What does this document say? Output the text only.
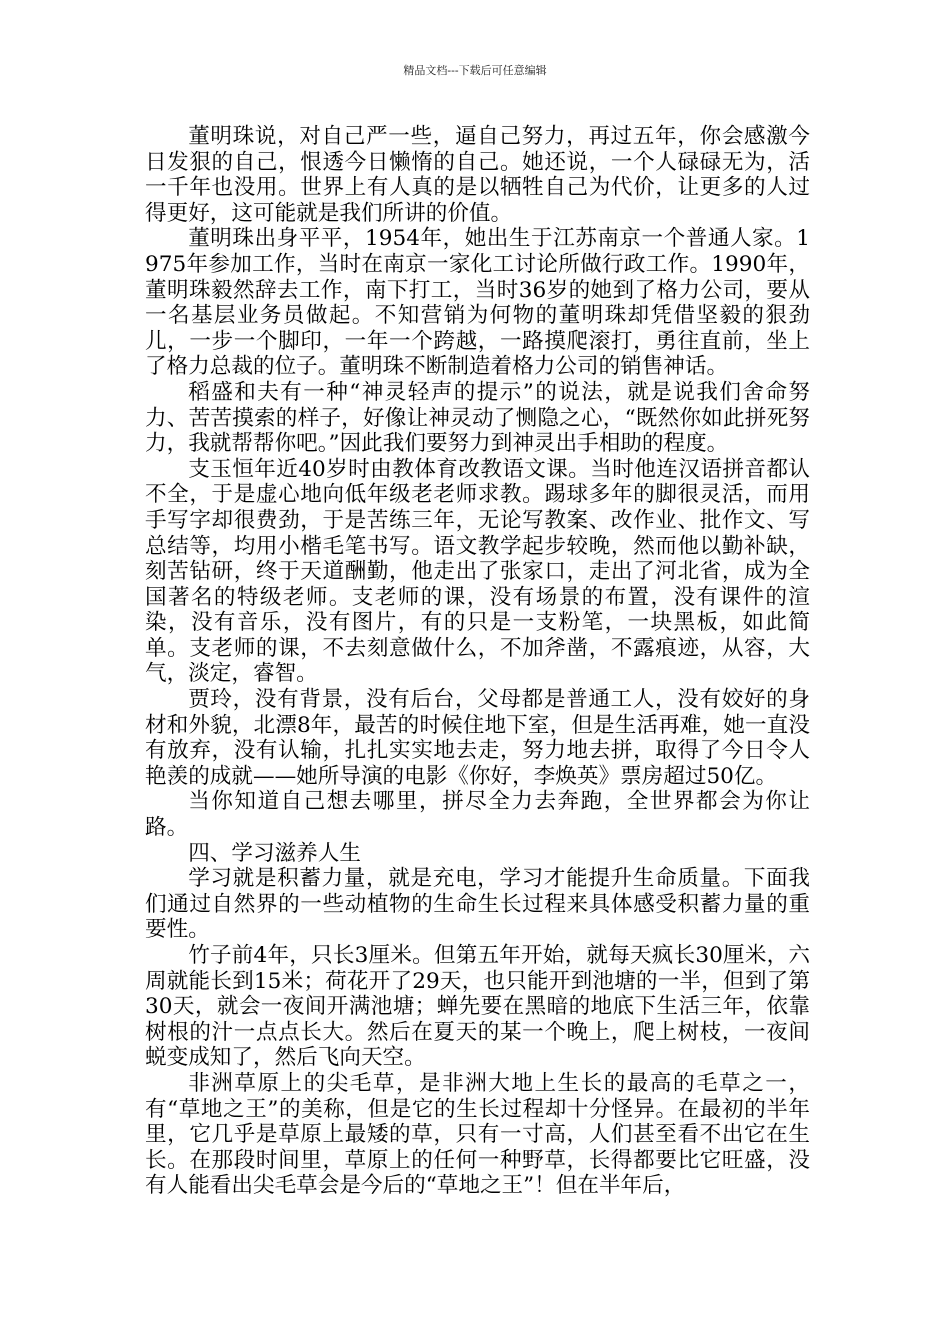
精品文档---下载后可任意编辑

董明珠说，对自己严一些，逼自己努力，再过五年，你会感激今日发狠的自己，恨透今日懒惰的自己。她还说，一个人碌碌无为，活一千年也没用。世界上有人真的是以牺牲自己为代价，让更多的人过得更好，这可能就是我们所讲的价值。

董明珠出身平平，1954年，她出生于江苏南京一个普通人家。1975年参加工作，当时在南京一家化工讨论所做行政工作。1990年，董明珠毅然辞去工作，南下打工，当时36岁的她到了格力公司，要从一名基层业务员做起。不知营销为何物的董明珠却凭借坚毅的狠劲儿，一步一个脚印，一年一个跨越，一路摸爬滚打，勇往直前，坐上了格力总裁的位子。董明珠不断制造着格力公司的销售神话。

稻盛和夫有一种“神灵轻声的提示”的说法，就是说我们舍命努力、苦苦摸索的样子，好像让神灵动了恻隐之心，“既然你如此拼死努力，我就帮帮你吧。”因此我们要努力到神灵出手相助的程度。

支玉恒年近40岁时由教体育改教语文课。当时他连汉语拼音都认不全，于是虚心地向低年级老老师求教。踢球多年的脚很灵活，而用手写字却很费劲，于是苦练三年，无论写教案、改作业、批作文、写总结等，均用小楷毛笔书写。语文教学起步较晚，然而他以勤补缺，刻苦钻研，终于天道酬勤，他走出了张家口，走出了河北省，成为全国著名的特级老师。支老师的课，没有场景的布置，没有课件的渲染，没有音乐，没有图片，有的只是一支粉笔，一块黑板，如此简单。支老师的课，不去刻意做什么，不加斧凿，不露痕迹，从容，大气，淡定，睿智。

贾玲，没有背景，没有后台，父母都是普通工人，没有姣好的身材和外貌，北漂8年，最苦的时候住地下室，但是生活再难，她一直没有放弃，没有认输，扎扎实实地去走，努力地去拼，取得了今日令人艳羡的成就——她所导演的电影《你好，李焕英》票房超过50亿。

当你知道自己想去哪里，拼尽全力去奔跑，全世界都会为你让路。

四、学习滋养人生

学习就是积蓄力量，就是充电，学习才能提升生命质量。下面我们通过自然界的一些动植物的生命生长过程来具体感受积蓄力量的重要性。

竹子前4年，只长3厘米。但第五年开始，就每天疯长30厘米，六周就能长到15米；荷花开了29天，也只能开到池塘的一半，但到了第30天，就会一夜间开满池塘；蝉先要在黑暗的地底下生活三年，依靠树根的汁一点点长大。然后在夏天的某一个晚上，爬上树枝，一夜间蜕变成知了，然后飞向天空。

非洲草原上的尖毛草，是非洲大地上生长的最高的毛草之一，有“草地之王”的美称，但是它的生长过程却十分怪异。在最初的半年里，它几乎是草原上最矮的草，只有一寸高，人们甚至看不出它在生长。在那段时间里，草原上的任何一种野草，长得都要比它旺盛，没有人能看出尖毛草会是今后的“草地之王”！但在半年后，
